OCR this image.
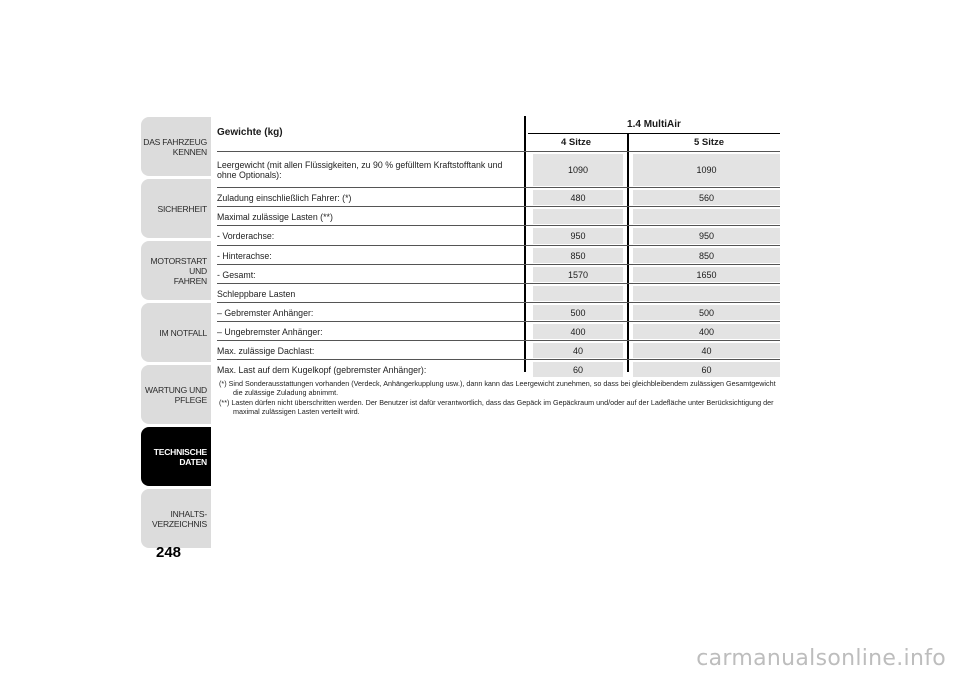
DAS FAHRZEUG
KENNEN
SICHERHEIT
MOTORSTART UND
FAHREN
IM NOTFALL
WARTUNG UND
PFLEGE
TECHNISCHE
DATEN
INHALTS-
VERZEICHNIS
248
Gewichte (kg)
1.4 MultiAir
4 Sitze	5 Sitze
Leergewicht (mit allen Flüssigkeiten, zu 90 % gefülltem Kraftstofftank und ohne Optionals):	1090	1090
Zuladung einschließlich Fahrer: (*)	480	560
Maximal zulässige Lasten (**)
- Vorderachse:	950	950
- Hinterachse:	850	850
- Gesamt:	1570	1650
Schleppbare Lasten
– Gebremster Anhänger:	500	500
– Ungebremster Anhänger:	400	400
Max. zulässige Dachlast:	40	40
Max. Last auf dem Kugelkopf (gebremster Anhänger):	60	60

(*) Sind Sonderausstattungen vorhanden (Verdeck, Anhängerkupplung usw.), dann kann das Leergewicht zunehmen, so dass bei gleichbleibendem zulässigen Gesamtgewicht die zulässige Zuladung abnimmt.

(**) Lasten dürfen nicht überschritten werden. Der Benutzer ist dafür verantwortlich, dass das Gepäck im Gepäckraum und/oder auf der Ladefläche unter Berücksichtigung der maximal zulässigen Lasten verteilt wird.

carmanualsonline.info
